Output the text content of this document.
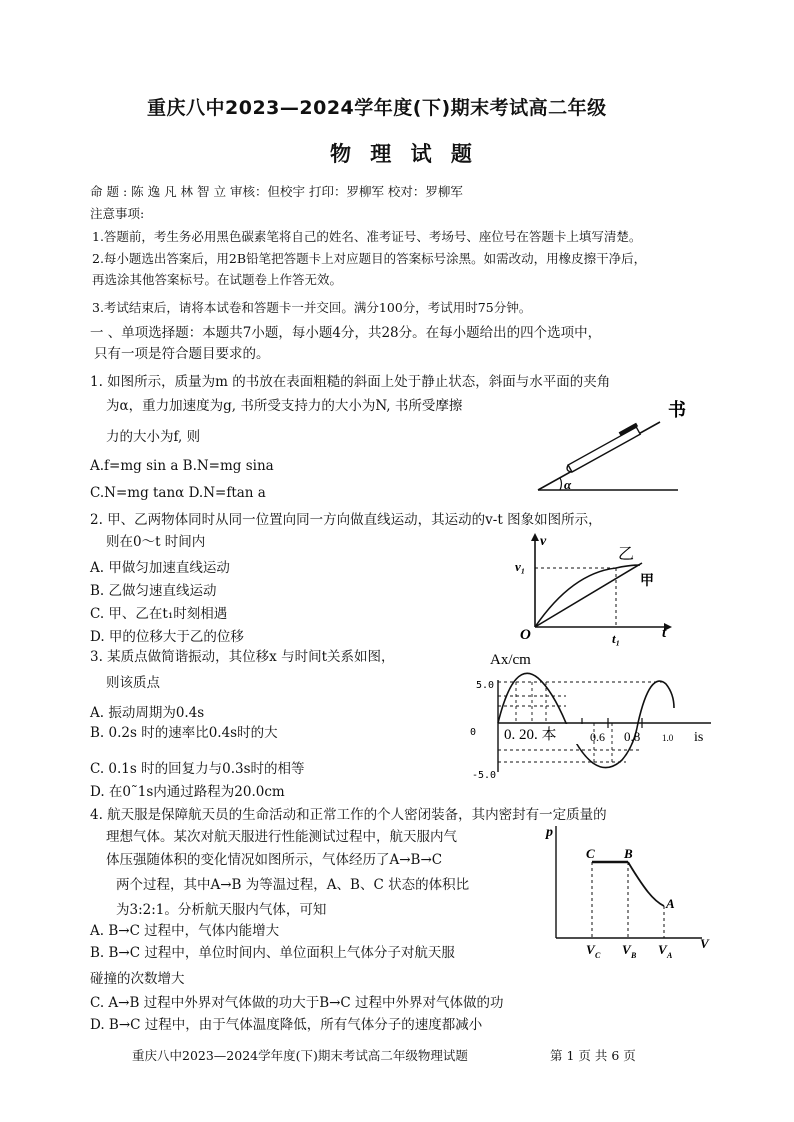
重庆八中2023—2024学年度(下)期末考试高二年级
物 理 试 题
命 题 : 陈 逸 凡 林 智 立 审核：但校宇 打印：罗柳军 校对：罗柳军
注意事项:
1.答题前，考生务必用黑色碳素笔将自己的姓名、准考证号、考场号、座位号在答题卡上填写清楚。
2.每小题选出答案后，用2B铅笔把答题卡上对应题目的答案标号涂黑。如需改动，用橡皮擦干净后，
再选涂其他答案标号。在试题卷上作答无效。
3.考试结束后，请将本试卷和答题卡一并交回。满分100分，考试用时75分钟。
一 、单项选择题：本题共7小题，每小题4分，共28分。在每小题给出的四个选项中，
只有一项是符合题目要求的。
1. 如图所示，质量为m 的书放在表面粗糙的斜面上处于静止状态，斜面与水平面的夹角
为α，重力加速度为g, 书所受支持力的大小为N, 书所受摩擦
力的大小为f, 则
A.f=mg sin a B.N=mg sina
C.N=mg tanα D.N=ftan a
α
书
2. 甲、乙两物体同时从同一位置向同一方向做直线运动，其运动的v-t 图象如图所示，
则在0～t 时间内
A. 甲做匀加速直线运动
B. 乙做匀速直线运动
C. 甲、乙在t₁时刻相遇
D. 甲的位移大于乙的位移
v
v₁
O	t
t₁
乙
甲
3. 某质点做简谐振动，其位移x 与时间t关系如图，
则该质点
A. 振动周期为0.4s
B. 0.2s 时的速率比0.4s时的大
C. 0.1s 时的回复力与0.3s时的相等
D. 在0˜1s内通过路程为20.0cm
Ax/cm
5.0
0
-5.0
0. 20. 本	0.6 0.8 1.0 is
4. 航天服是保障航天员的生命活动和正常工作的个人密闭装备，其内密封有一定质量的
理想气体。某次对航天服进行性能测试过程中，航天服内气
体压强随体积的变化情况如图所示，气体经历了A→B→C
两个过程，其中A→B 为等温过程，A、B、C 状态的体积比
为3:2:1。分析航天服内气体，可知
A. B→C 过程中，气体内能增大
B. B→C 过程中，单位时间内、单位面积上气体分子对航天服
碰撞的次数增大
C. A→B 过程中外界对气体做的功大于B→C 过程中外界对气体做的功
D. B→C 过程中，由于气体温度降低，所有气体分子的速度都减小
p
C B
A
V C V B V A
V
重庆八中2023—2024学年度(下)期末考试高二年级物理试题	第 1 页 共 6 页
